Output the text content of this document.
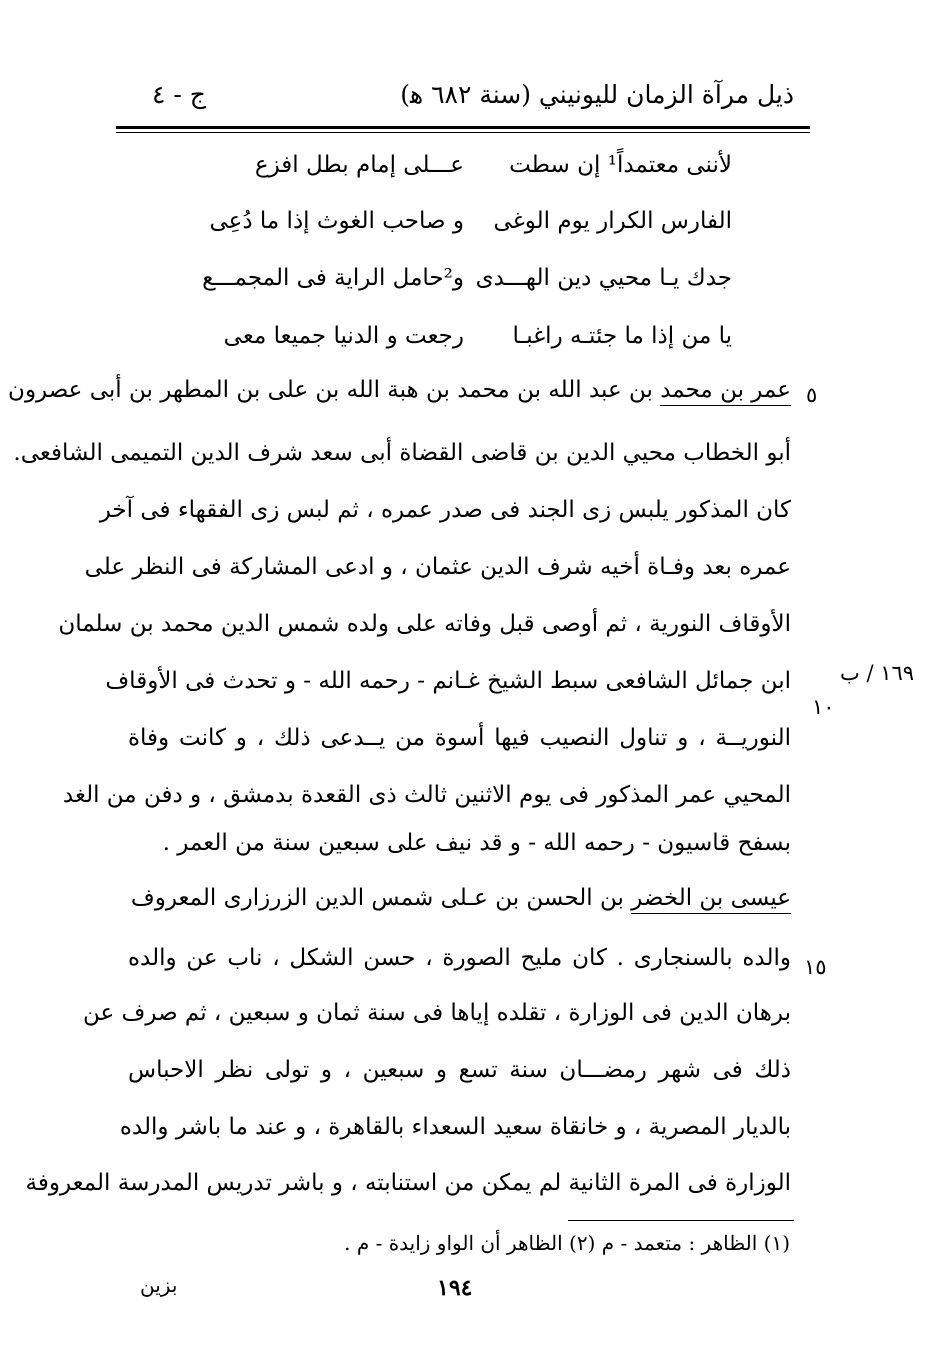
ذيل مرآة الزمان لليونيني (سنة ٦٨٢ ﻫ)
ج - ٤
لأننى معتمداً¹ إن سطت
عـــلى إمام بطل افزع
الفارس الكرار يوم الوغى
و صاحب الغوث إذا ما دُعِى
جدك يـا محيي دين الهـــدى
و²حامل الراية فى المجمـــع
يا من إذا ما جئتـه راغبـا
رجعت و الدنيا جميعا معى
عمر بن محمد بن عبد الله بن محمد بن هبة الله بن على بن المطهر بن أبى عصرون
أبو الخطاب محيي الدين بن قاضى القضاة أبى سعد شرف الدين التميمى الشافعى.
كان المذكور يلبس زى الجند فى صدر عمره ، ثم لبس زى الفقهاء فى آخر
عمره بعد وفـاة أخيه شرف الدين عثمان ، و ادعى المشاركة فى النظر على
الأوقاف النورية ، ثم أوصى قبل وفاته على ولده شمس الدين محمد بن سلمان
ابن جمائل الشافعى سبط الشيخ غـانم - رحمه الله - و تحدث فى الأوقاف
النوريــة ، و تناول النصيب فيها أسوة من يــدعى ذلك ، و كانت وفاة
المحيي عمر المذكور فى يوم الاثنين ثالث ذى القعدة بدمشق ، و دفن من الغد
بسفح قاسيون - رحمه الله - و قد نيف على سبعين سنة من العمر .
عيسى بن الخضر بن الحسن بن عـلى شمس الدين الزرزارى المعروف
والده بالسنجارى . كان مليح الصورة ، حسن الشكل ، ناب عن والده
برهان الدين فى الوزارة ، تقلده إياها فى سنة ثمان و سبعين ، ثم صرف عن
ذلك فى شهر رمضـــان سنة تسع و سبعين ، و تولى نظر الاحباس
بالديار المصرية ، و خانقاة سعيد السعداء بالقاهرة ، و عند ما باشر والده
الوزارة فى المرة الثانية لم يمكن من استنابته ، و باشر تدريس المدرسة المعروفة
٥
١٦٩ / ب
١٠
١٥
(١) الظاهر : متعمد - م (٢) الظاهر أن الواو زايدة - م .
١٩٤
بزين
